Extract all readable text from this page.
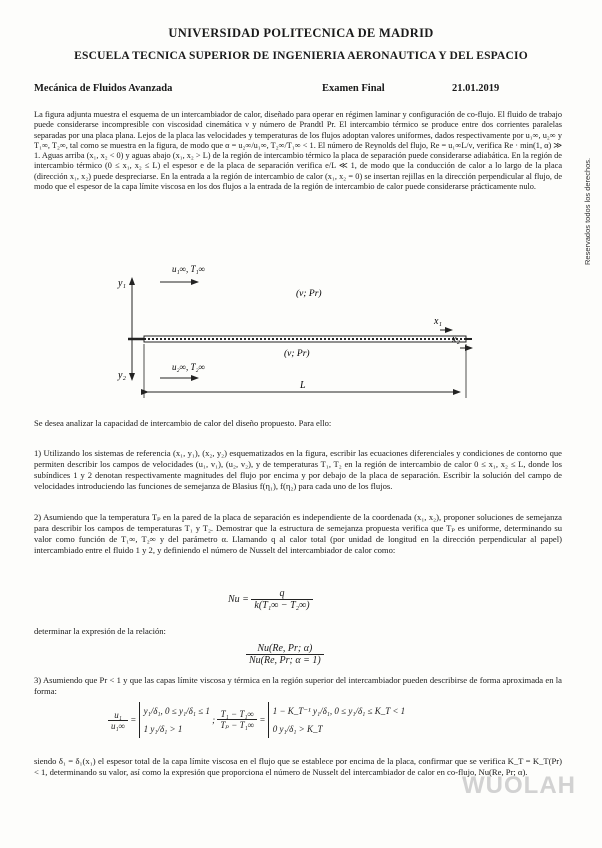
UNIVERSIDAD POLITECNICA DE MADRID
ESCUELA TECNICA SUPERIOR DE INGENIERIA AERONAUTICA Y DEL ESPACIO
Mecánica de Fluidos Avanzada	Examen Final	21.01.2019
La figura adjunta muestra el esquema de un intercambiador de calor, diseñado para operar en régimen laminar y configuración de co-flujo. El fluido de trabajo puede considerarse incompresible con viscosidad cinemática ν y número de Prandtl Pr. El intercambio térmico se produce entre dos corrientes paralelas separadas por una placa plana. Lejos de la placa las velocidades y temperaturas de los flujos adoptan valores uniformes, dados respectivamente por u₁∞, u₂∞ y T₁∞, T₂∞, tal como se muestra en la figura, de modo que α = u₂∞/u₁∞, T₂∞/T₁∞ < 1. El número de Reynolds del flujo, Re = u₁∞L/ν, verifica Re · min(1, α) ≫ 1. Aguas arriba (x₁, x₂ < 0) y aguas abajo (x₁, x₂ > L) de la región de intercambio térmico la placa de separación puede considerarse adiabática. En la región de intercambio térmico (0 ≤ x₁, x₂ ≤ L) el espesor e de la placa de separación verifica e/L ≪ 1, de modo que la conducción de calor a lo largo de la placa (dirección x₁, x₂) puede despreciarse. En la entrada a la región de intercambio de calor (x₁, x₂ = 0) se insertan rejillas en la dirección perpendicular al flujo, de modo que el espesor de la capa límite viscosa en los dos flujos a la entrada de la región de intercambio de calor puede considerarse prácticamente nulo.
y₁
y₂
u₁∞, T₁∞
u₂∞, T₂∞
(ν; Pr)
(ν; Pr)
x₁
x₂
L
Se desea analizar la capacidad de intercambio de calor del diseño propuesto. Para ello:
1) Utilizando los sistemas de referencia (x₁, y₁), (x₂, y₂) esquematizados en la figura, escribir las ecuaciones diferenciales y condiciones de contorno que permiten describir los campos de velocidades (u₁, v₁), (u₂, v₂), y de temperaturas T₁, T₂ en la región de intercambio de calor 0 ≤ x₁, x₂ ≤ L, donde los subíndices 1 y 2 denotan respectivamente magnitudes del flujo por encima y por debajo de la placa de separación. Escribir la solución del campo de velocidades introduciendo las funciones de semejanza de Blasius f(η₁), f(η₂) para cada uno de los flujos.
2) Asumiendo que la temperatura Tₚ en la pared de la placa de separación es independiente de la coordenada (x₁, x₂), proponer soluciones de semejanza para describir los campos de temperaturas T₁ y T₂. Demostrar que la estructura de semejanza propuesta verifica que Tₚ es uniforme, determinando su valor como función de T₁∞, T₂∞ y del parámetro α. Llamando q al calor total (por unidad de longitud en la dirección perpendicular al papel) intercambiado entre el fluido 1 y 2, y definiendo el número de Nusselt del intercambiador de calor como:
$Nu = \frac{q}{\text{k(T₁∞ − T₂∞)}}$
determinar la expresión de la relación:
$\frac{Nu(Re, Pr; \alpha)}{Nu(Re, Pr; \alpha = 1)}$
3) Asumiendo que Pr < 1 y que las capas límite viscosa y térmica en la región superior del intercambiador pueden describirse de forma aproximada en la forma:
$\frac{\text{u₁}}{\text{u₁∞}}$ =
y₁/δ₁, 0 ≤ y₁/δ₁ ≤ 1
1 y₁/δ₁ > 1
; $\frac{\text{T₁ − T₁∞}}{\text{Tₚ − T₁∞}}$ =
1 − K_T⁻¹ y₁/δ₁, 0 ≤ y₁/δ₁ ≤ K_T < 1
0 y₁/δ₁ > K_T
siendo δ₁ = δ₁(x₁) el espesor total de la capa límite viscosa en el flujo que se establece por encima de la placa, confirmar que se verifica K_T = K_T(Pr) < 1, determinando su valor, así como la expresión que proporciona el número de Nusselt del intercambiador de calor en co-flujo, Nu(Re, Pr; α).
Reservados todos los derechos.
WUOLAH
